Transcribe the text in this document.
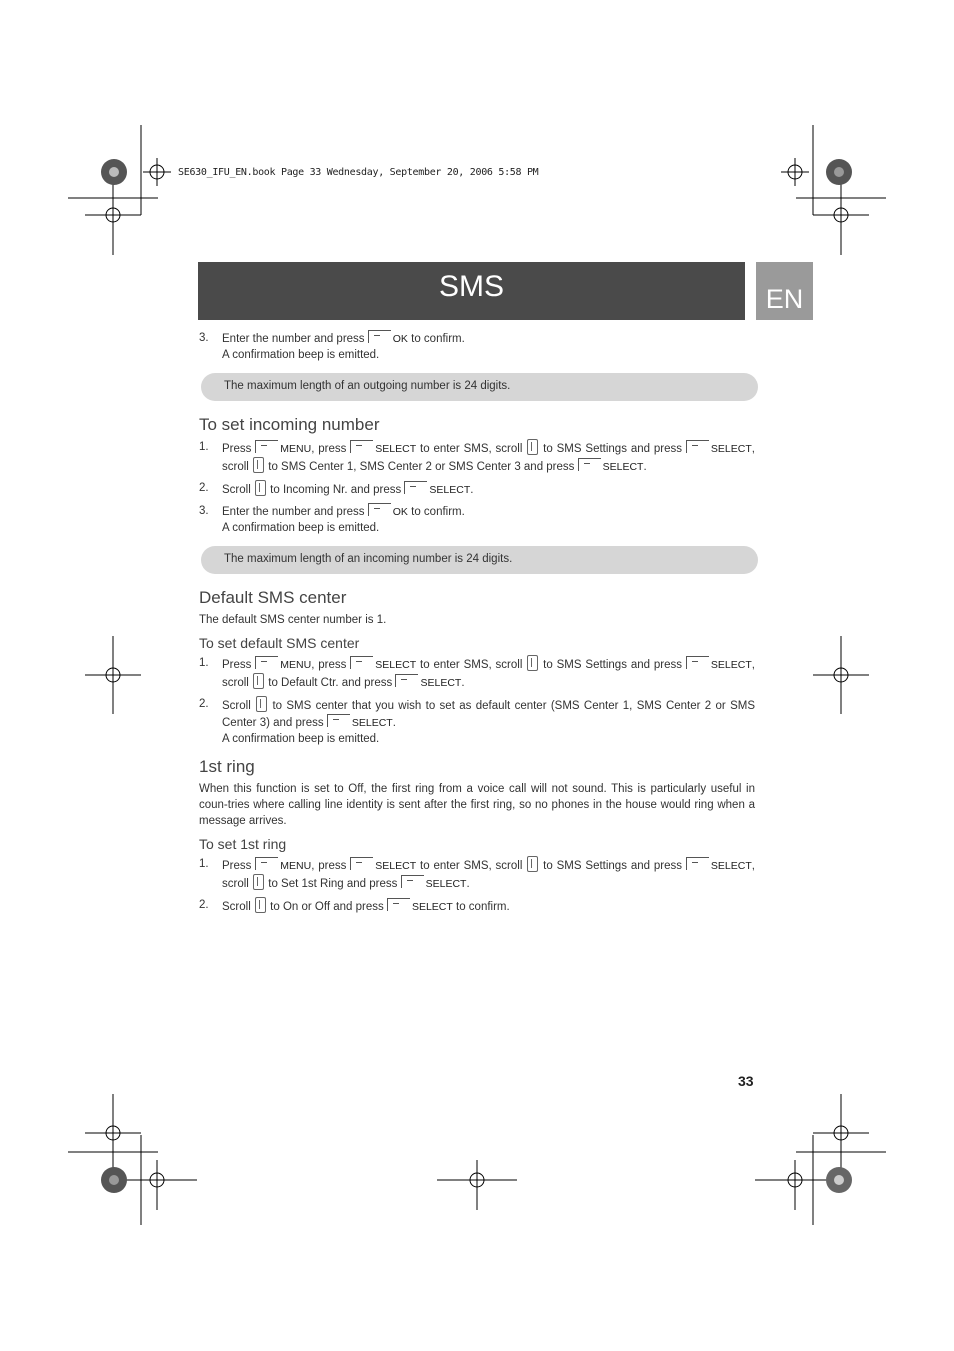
SE630_IFU_EN.book Page 33 Wednesday, September 20, 2006 5:58 PM
SMS	EN
3.	Enter the number and press	OK to confirm.
A confirmation beep is emitted.
The maximum length of an outgoing number is 24 digits.
To set incoming number
1.	Press	MENU, press	SELECT to enter SMS, scroll to SMS Settings and press	SELECT, scroll to SMS Center 1, SMS Center 2 or SMS Center 3 and press	SELECT.
2.	Scroll to Incoming Nr. and press	SELECT.
3.	Enter the number and press	OK to confirm.
A confirmation beep is emitted.
The maximum length of an incoming number is 24 digits.
Default SMS center

The default SMS center number is 1.

To set default SMS center
1.	Press	MENU, press	SELECT to enter SMS, scroll to SMS Settings and press	SELECT, scroll to Default Ctr. and press	SELECT.
2.	Scroll to SMS center that you wish to set as default center (SMS Center 1, SMS Center 2 or SMS Center 3) and press	SELECT.
A confirmation beep is emitted.
1st ring

When this function is set to Off, the first ring from a voice call will not sound. This is particularly useful in coun-tries where calling line identity is sent after the first ring, so no phones in the house would ring when a message arrives.

To set 1st ring
1.	Press	MENU, press	SELECT to enter SMS, scroll to SMS Settings and press	SELECT, scroll to Set 1st Ring and press	SELECT.
2.	Scroll to On or Off and press	SELECT to confirm.
33
